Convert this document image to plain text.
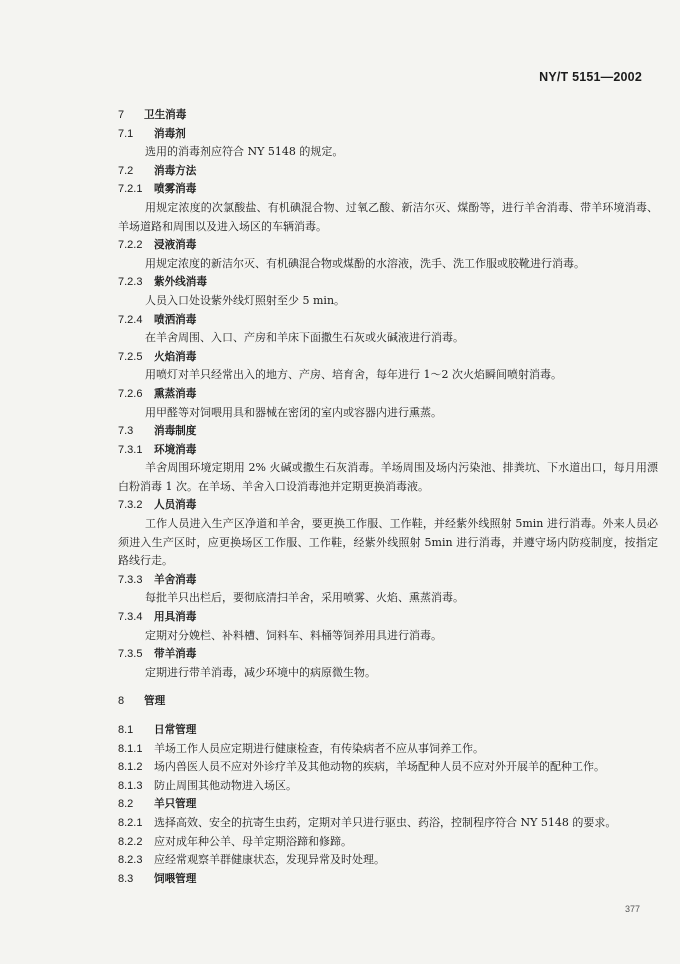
NY/T 5151—2002
7 卫生消毒
7.1 消毒剂
选用的消毒剂应符合 NY 5148 的规定。
7.2 消毒方法
7.2.1 喷雾消毒
用规定浓度的次氯酸盐、有机碘混合物、过氧乙酸、新洁尔灭、煤酚等，进行羊舍消毒、带羊环境消毒、羊场道路和周围以及进入场区的车辆消毒。
7.2.2 浸液消毒
用规定浓度的新洁尔灭、有机碘混合物或煤酚的水溶液，洗手、洗工作服或胶靴进行消毒。
7.2.3 紫外线消毒
人员入口处设紫外线灯照射至少 5 min。
7.2.4 喷洒消毒
在羊舍周围、入口、产房和羊床下面撒生石灰或火碱液进行消毒。
7.2.5 火焰消毒
用喷灯对羊只经常出入的地方、产房、培育舍，每年进行 1～2 次火焰瞬间喷射消毒。
7.2.6 熏蒸消毒
用甲醛等对饲喂用具和器械在密闭的室内或容器内进行熏蒸。
7.3 消毒制度
7.3.1 环境消毒
羊舍周围环境定期用 2% 火碱或撒生石灰消毒。羊场周围及场内污染池、排粪坑、下水道出口，每月用漂白粉消毒 1 次。在羊场、羊舍入口设消毒池并定期更换消毒液。
7.3.2 人员消毒
工作人员进入生产区净道和羊舍，要更换工作服、工作鞋，并经紫外线照射 5min 进行消毒。外来人员必须进入生产区时，应更换场区工作服、工作鞋，经紫外线照射 5min 进行消毒，并遵守场内防疫制度，按指定路线行走。
7.3.3 羊舍消毒
每批羊只出栏后，要彻底清扫羊舍，采用喷雾、火焰、熏蒸消毒。
7.3.4 用具消毒
定期对分娩栏、补料槽、饲料车、料桶等饲养用具进行消毒。
7.3.5 带羊消毒
定期进行带羊消毒，减少环境中的病原微生物。
8 管理
8.1 日常管理
8.1.1 羊场工作人员应定期进行健康检查，有传染病者不应从事饲养工作。
8.1.2 场内兽医人员不应对外诊疗羊及其他动物的疾病，羊场配种人员不应对外开展羊的配种工作。
8.1.3 防止周围其他动物进入场区。
8.2 羊只管理
8.2.1 选择高效、安全的抗寄生虫药，定期对羊只进行驱虫、药浴，控制程序符合 NY 5148 的要求。
8.2.2 应对成年种公羊、母羊定期浴蹄和修蹄。
8.2.3 应经常观察羊群健康状态，发现异常及时处理。
8.3 饲喂管理
377
